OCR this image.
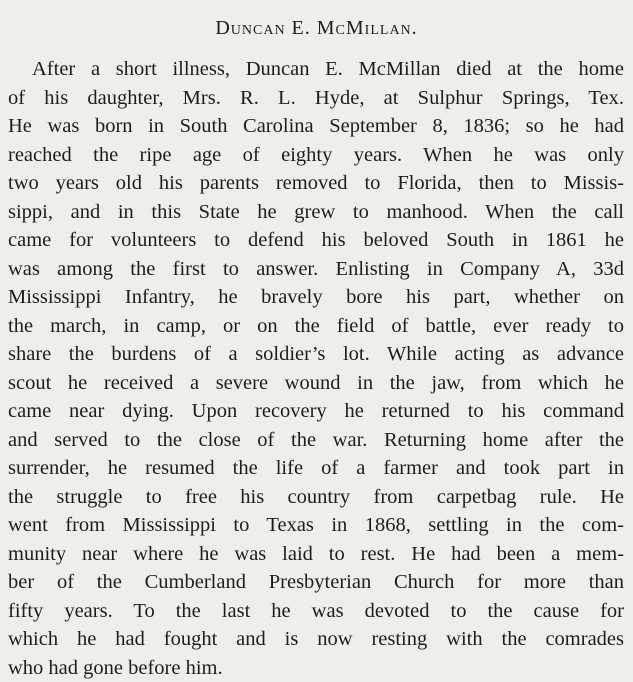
Duncan E. McMillan.
After a short illness, Duncan E. McMillan died at the home
of his daughter, Mrs. R. L. Hyde, at Sulphur Springs, Tex.
He was born in South Carolina September 8, 1836; so he had
reached the ripe age of eighty years. When he was only
two years old his parents removed to Florida, then to Missis-
sippi, and in this State he grew to manhood. When the call
came for volunteers to defend his beloved South in 1861 he
was among the first to answer. Enlisting in Company A, 33d
Mississippi Infantry, he bravely bore his part, whether on
the march, in camp, or on the field of battle, ever ready to
share the burdens of a soldier’s lot. While acting as advance
scout he received a severe wound in the jaw, from which he
came near dying. Upon recovery he returned to his command
and served to the close of the war. Returning home after the
surrender, he resumed the life of a farmer and took part in
the struggle to free his country from carpetbag rule. He
went from Mississippi to Texas in 1868, settling in the com-
munity near where he was laid to rest. He had been a mem-
ber of the Cumberland Presbyterian Church for more than
fifty years. To the last he was devoted to the cause for
which he had fought and is now resting with the comrades
who had gone before him.
